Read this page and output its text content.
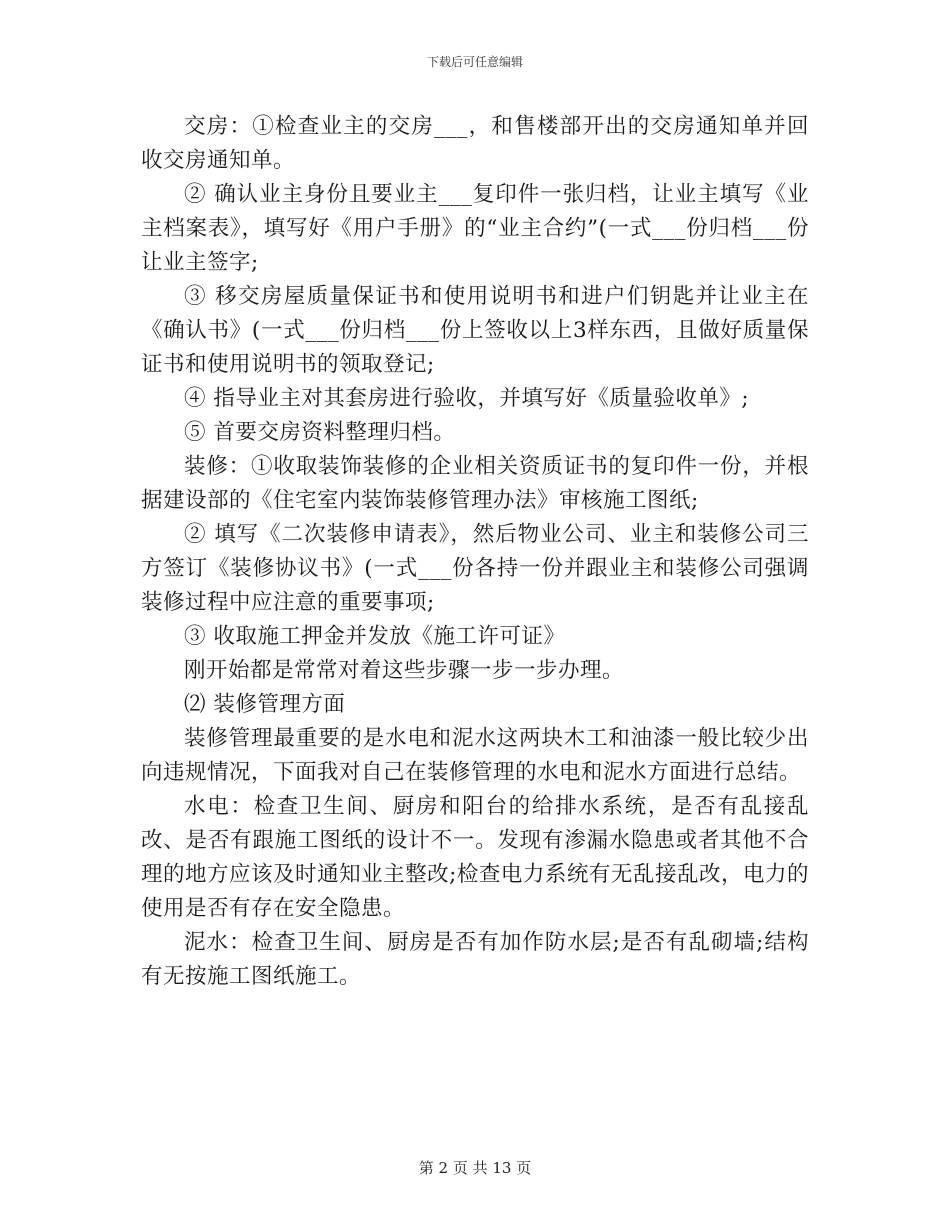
下载后可任意编辑

交房：①检查业主的交房___，和售楼部开出的交房通知单并回收交房通知单。

② 确认业主身份且要业主___复印件一张归档，让业主填写《业主档案表》，填写好《用户手册》的“业主合约”(一式___份归档___份让业主签字;

③ 移交房屋质量保证书和使用说明书和进户们钥匙并让业主在《确认书》(一式___份归档___份上签收以上3样东西，且做好质量保证书和使用说明书的领取登记;

④ 指导业主对其套房进行验收，并填写好《质量验收单》;

⑤ 首要交房资料整理归档。

装修：①收取装饰装修的企业相关资质证书的复印件一份，并根据建设部的《住宅室内装饰装修管理办法》审核施工图纸;

② 填写《二次装修申请表》，然后物业公司、业主和装修公司三方签订《装修协议书》(一式___份各持一份并跟业主和装修公司强调装修过程中应注意的重要事项;

③ 收取施工押金并发放《施工许可证》

刚开始都是常常对着这些步骤一步一步办理。

⑵ 装修管理方面

装修管理最重要的是水电和泥水这两块木工和油漆一般比较少出向违规情况，下面我对自己在装修管理的水电和泥水方面进行总结。

水电：检查卫生间、厨房和阳台的给排水系统，是否有乱接乱改、是否有跟施工图纸的设计不一。发现有渗漏水隐患或者其他不合理的地方应该及时通知业主整改;检查电力系统有无乱接乱改，电力的使用是否有存在安全隐患。

泥水：检查卫生间、厨房是否有加作防水层;是否有乱砌墙;结构有无按施工图纸施工。

第 2 页 共 13 页
